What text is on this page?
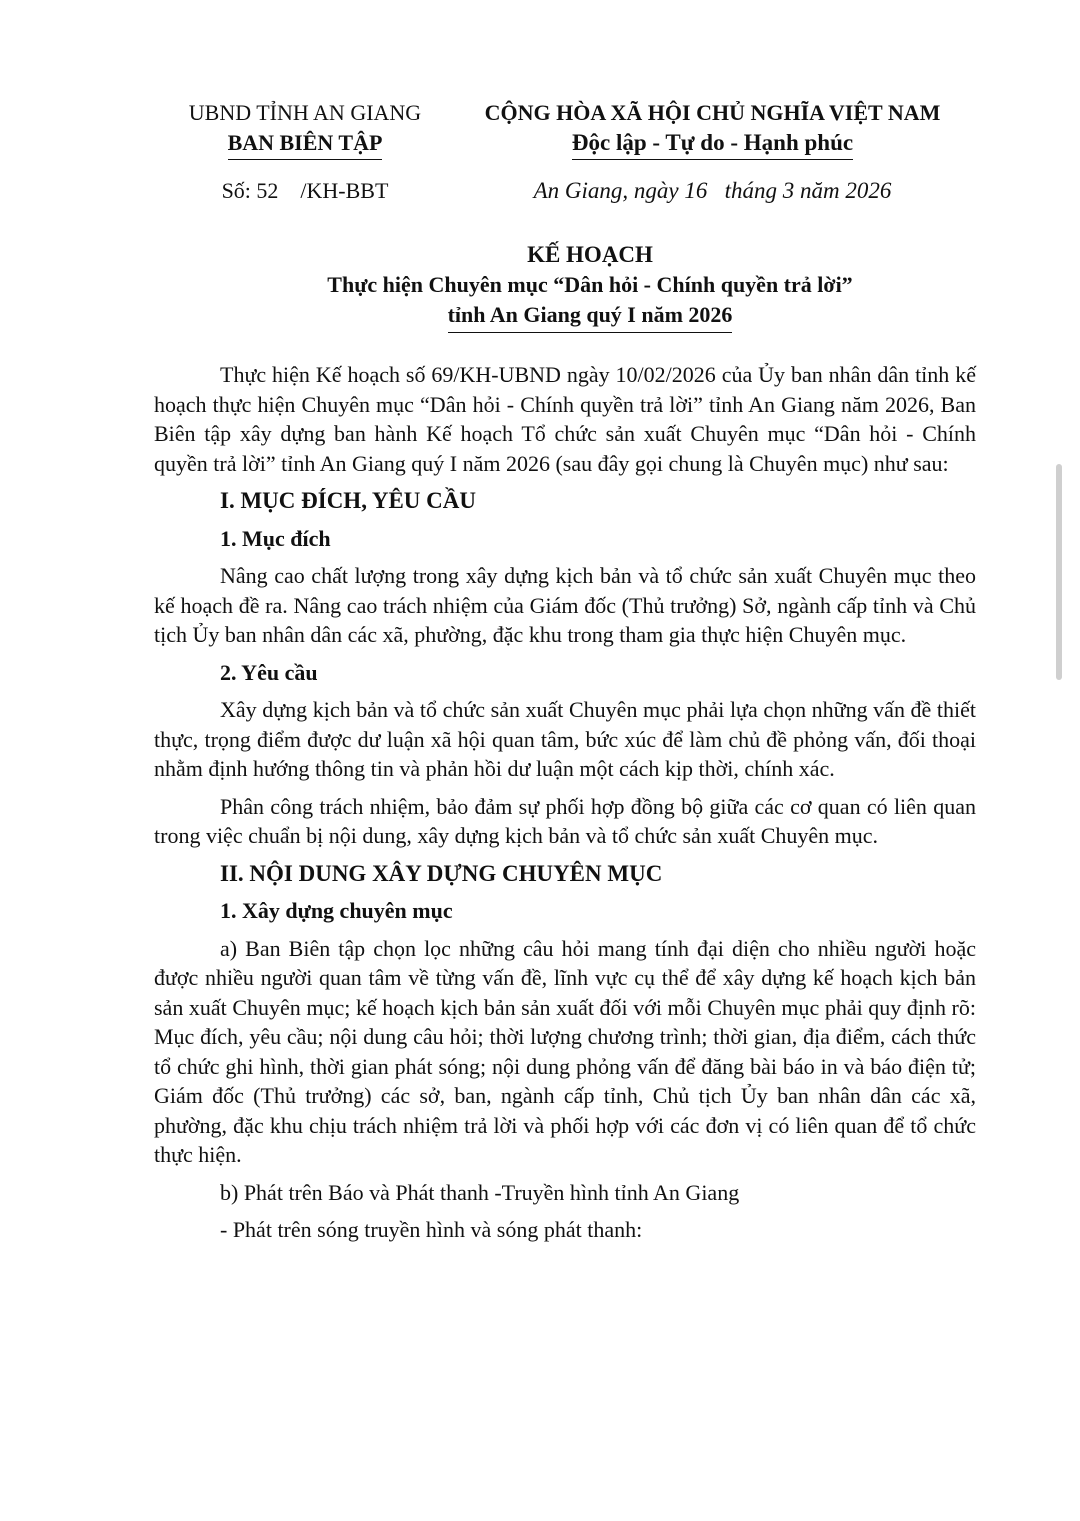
UBND TỈNH AN GIANG
BAN BIÊN TẬP
CỘNG HÒA XÃ HỘI CHỦ NGHĨA VIỆT NAM
Độc lập - Tự do - Hạnh phúc
Số: 52    /KH-BBT	An Giang, ngày 16   tháng 3 năm 2026
KẾ HOẠCH
Thực hiện Chuyên mục “Dân hỏi - Chính quyền trả lời”
tỉnh An Giang quý I năm 2026

Thực hiện Kế hoạch số 69/KH-UBND ngày 10/02/2026 của Ủy ban nhân dân tỉnh kế hoạch thực hiện Chuyên mục “Dân hỏi - Chính quyền trả lời” tỉnh An Giang năm 2026, Ban Biên tập xây dựng ban hành Kế hoạch Tổ chức sản xuất Chuyên mục “Dân hỏi - Chính quyền trả lời” tỉnh An Giang quý I năm 2026 (sau đây gọi chung là Chuyên mục) như sau:

I. MỤC ĐÍCH, YÊU CẦU

1. Mục đích

Nâng cao chất lượng trong xây dựng kịch bản và tổ chức sản xuất Chuyên mục theo kế hoạch đề ra. Nâng cao trách nhiệm của Giám đốc (Thủ trưởng) Sở, ngành cấp tỉnh và Chủ tịch Ủy ban nhân dân các xã, phường, đặc khu trong tham gia thực hiện Chuyên mục.

2. Yêu cầu

Xây dựng kịch bản và tổ chức sản xuất Chuyên mục phải lựa chọn những vấn đề thiết thực, trọng điểm được dư luận xã hội quan tâm, bức xúc để làm chủ đề phỏng vấn, đối thoại nhằm định hướng thông tin và phản hồi dư luận một cách kịp thời, chính xác.

Phân công trách nhiệm, bảo đảm sự phối hợp đồng bộ giữa các cơ quan có liên quan trong việc chuẩn bị nội dung, xây dựng kịch bản và tổ chức sản xuất Chuyên mục.

II. NỘI DUNG XÂY DỰNG CHUYÊN MỤC

1. Xây dựng chuyên mục

a) Ban Biên tập chọn lọc những câu hỏi mang tính đại diện cho nhiều người hoặc được nhiều người quan tâm về từng vấn đề, lĩnh vực cụ thể để xây dựng kế hoạch kịch bản sản xuất Chuyên mục; kế hoạch kịch bản sản xuất đối với mỗi Chuyên mục phải quy định rõ: Mục đích, yêu cầu; nội dung câu hỏi; thời lượng chương trình; thời gian, địa điểm, cách thức tổ chức ghi hình, thời gian phát sóng; nội dung phỏng vấn để đăng bài báo in và báo điện tử; Giám đốc (Thủ trưởng) các sở, ban, ngành cấp tỉnh, Chủ tịch Ủy ban nhân dân các xã, phường, đặc khu chịu trách nhiệm trả lời và phối hợp với các đơn vị có liên quan để tổ chức thực hiện.

b) Phát trên Báo và Phát thanh -Truyền hình tỉnh An Giang

- Phát trên sóng truyền hình và sóng phát thanh:
